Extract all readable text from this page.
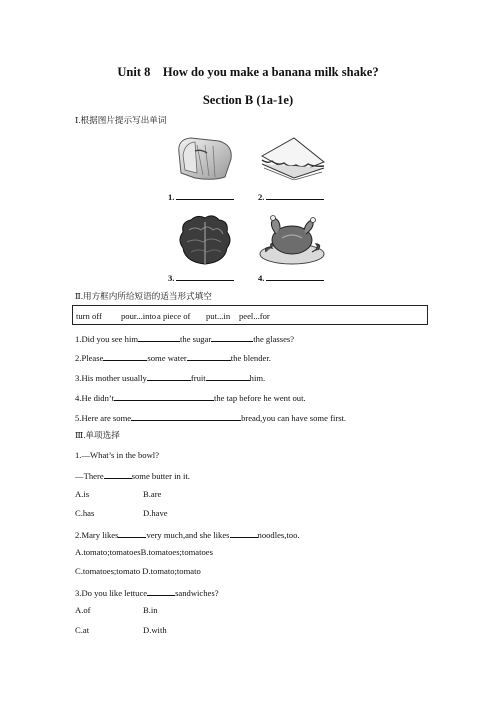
Unit 8    How do you make a banana milk shake?
Section B (1a-1e)
Ⅰ.根据图片提示写出单词
1.	2.
3.	4.
Ⅱ.用方框内所给短语的适当形式填空
turn off pour...into a piece of put...in peel...for
1.Did you see him	the sugar	the glasses?
2.Please	some water	the blender.
3.His mother usually	fruit	him.
4.He didn’t	the tap before he went out.
5.Here are some	bread,you can have some first.
Ⅲ.单项选择
1.—What’s in the bowl?
—There	some butter in it.
A.is	B.are
C.has	D.have
2.Mary likes	very much,and she likes	noodles,too.
A.tomato;tomatoesB.tomatoes;tomatoes
C.tomatoes;tomato D.tomato;tomato
3.Do you like lettuce	sandwiches?
A.of	B.in
C.at	D.with
